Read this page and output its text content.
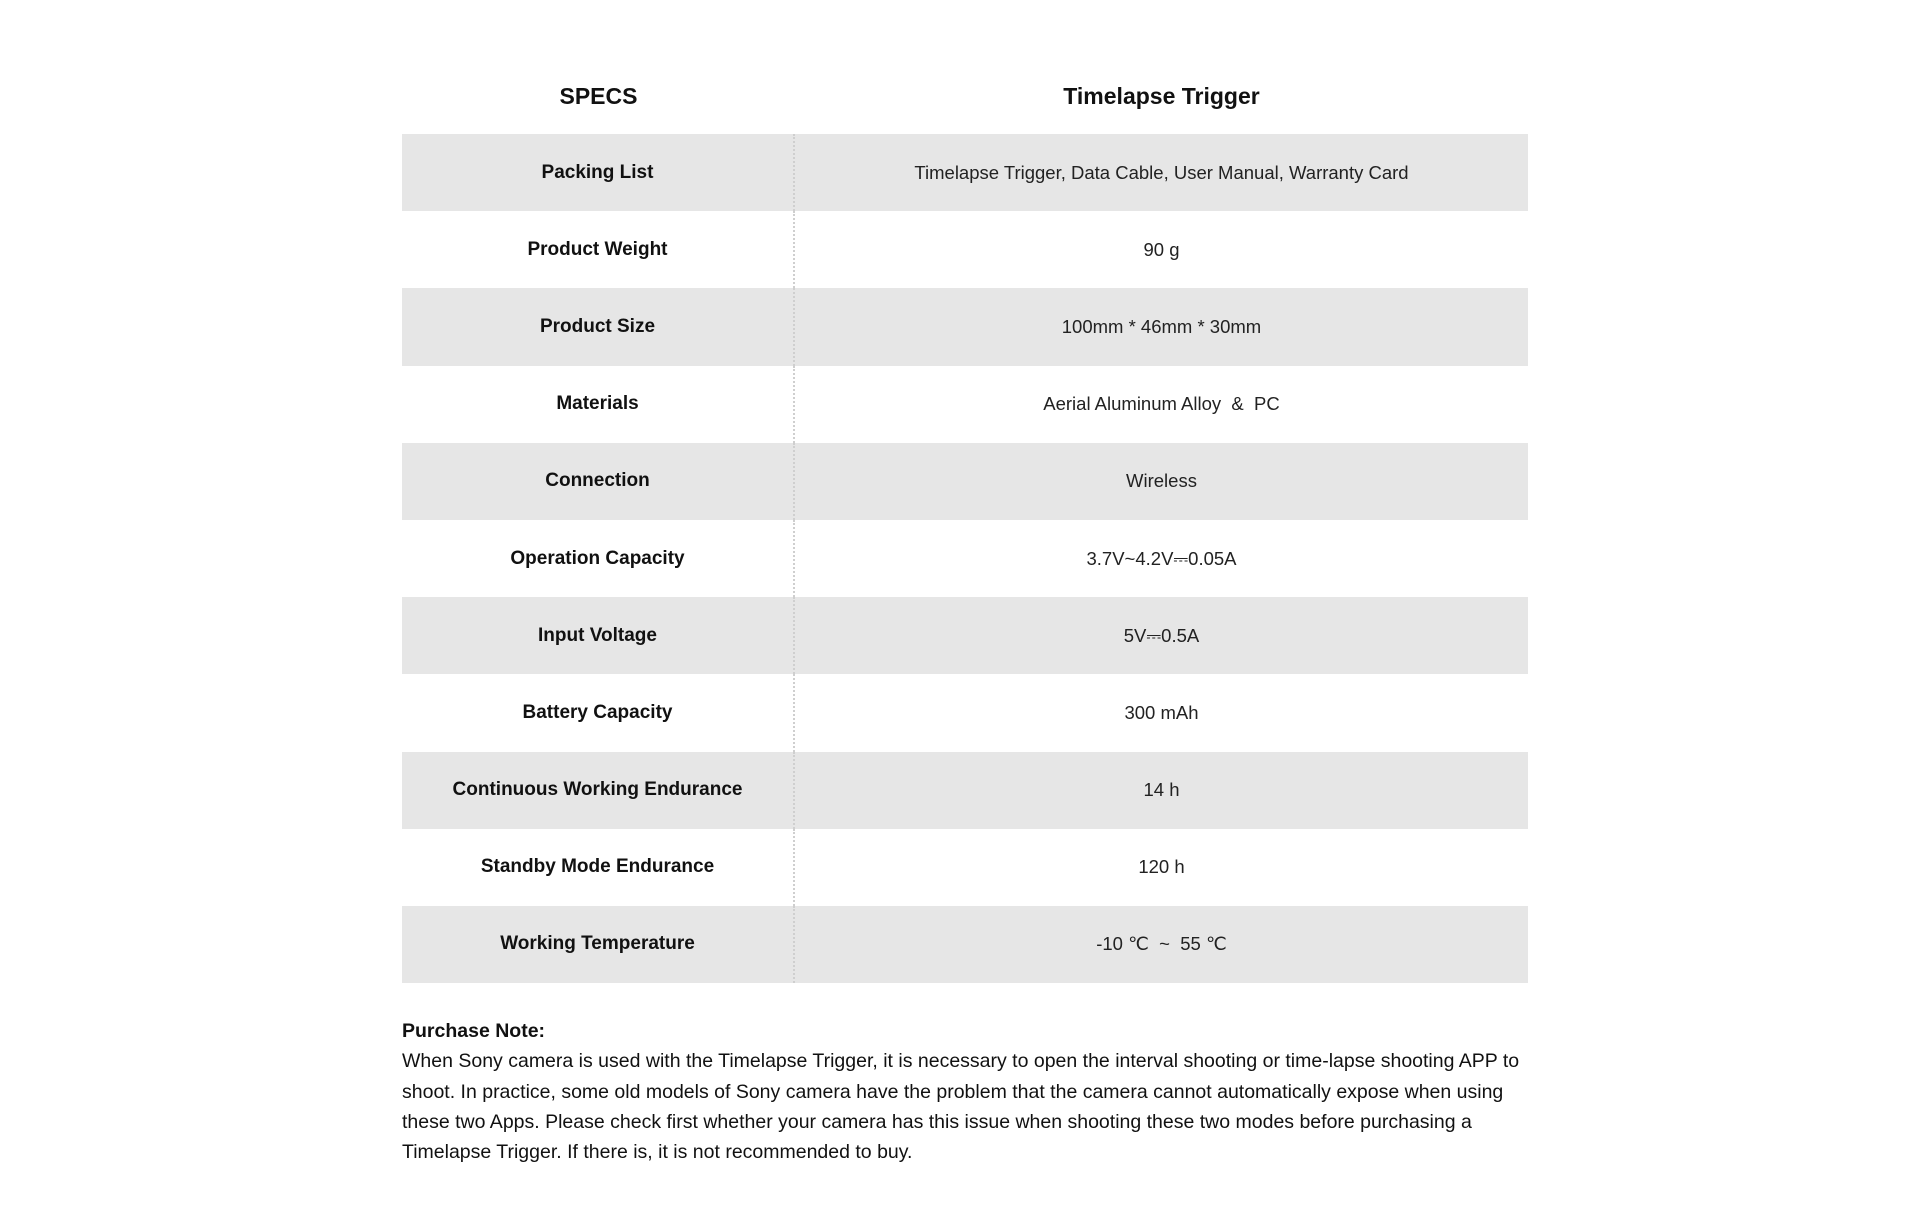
SPECS	Timelapse Trigger
Packing List	Timelapse Trigger, Data Cable, User Manual, Warranty Card
Product Weight	90 g
Product Size	100mm * 46mm * 30mm
Materials	Aerial Aluminum Alloy  &  PC
Connection	Wireless
Operation Capacity	3.7V~4.2V⎓0.05A
Input Voltage	5V⎓0.5A
Battery Capacity	300 mAh
Continuous Working Endurance	14 h
Standby Mode Endurance	120 h
Working Temperature	-10 ℃  ~  55 ℃
Purchase Note:
When Sony camera is used with the Timelapse Trigger, it is necessary to open the interval shooting or time-lapse shooting APP to shoot. In practice, some old models of Sony camera have the problem that the camera cannot automatically expose when using these two Apps. Please check first whether your camera has this issue when shooting these two modes before purchasing a Timelapse Trigger. If there is, it is not recommended to buy.
